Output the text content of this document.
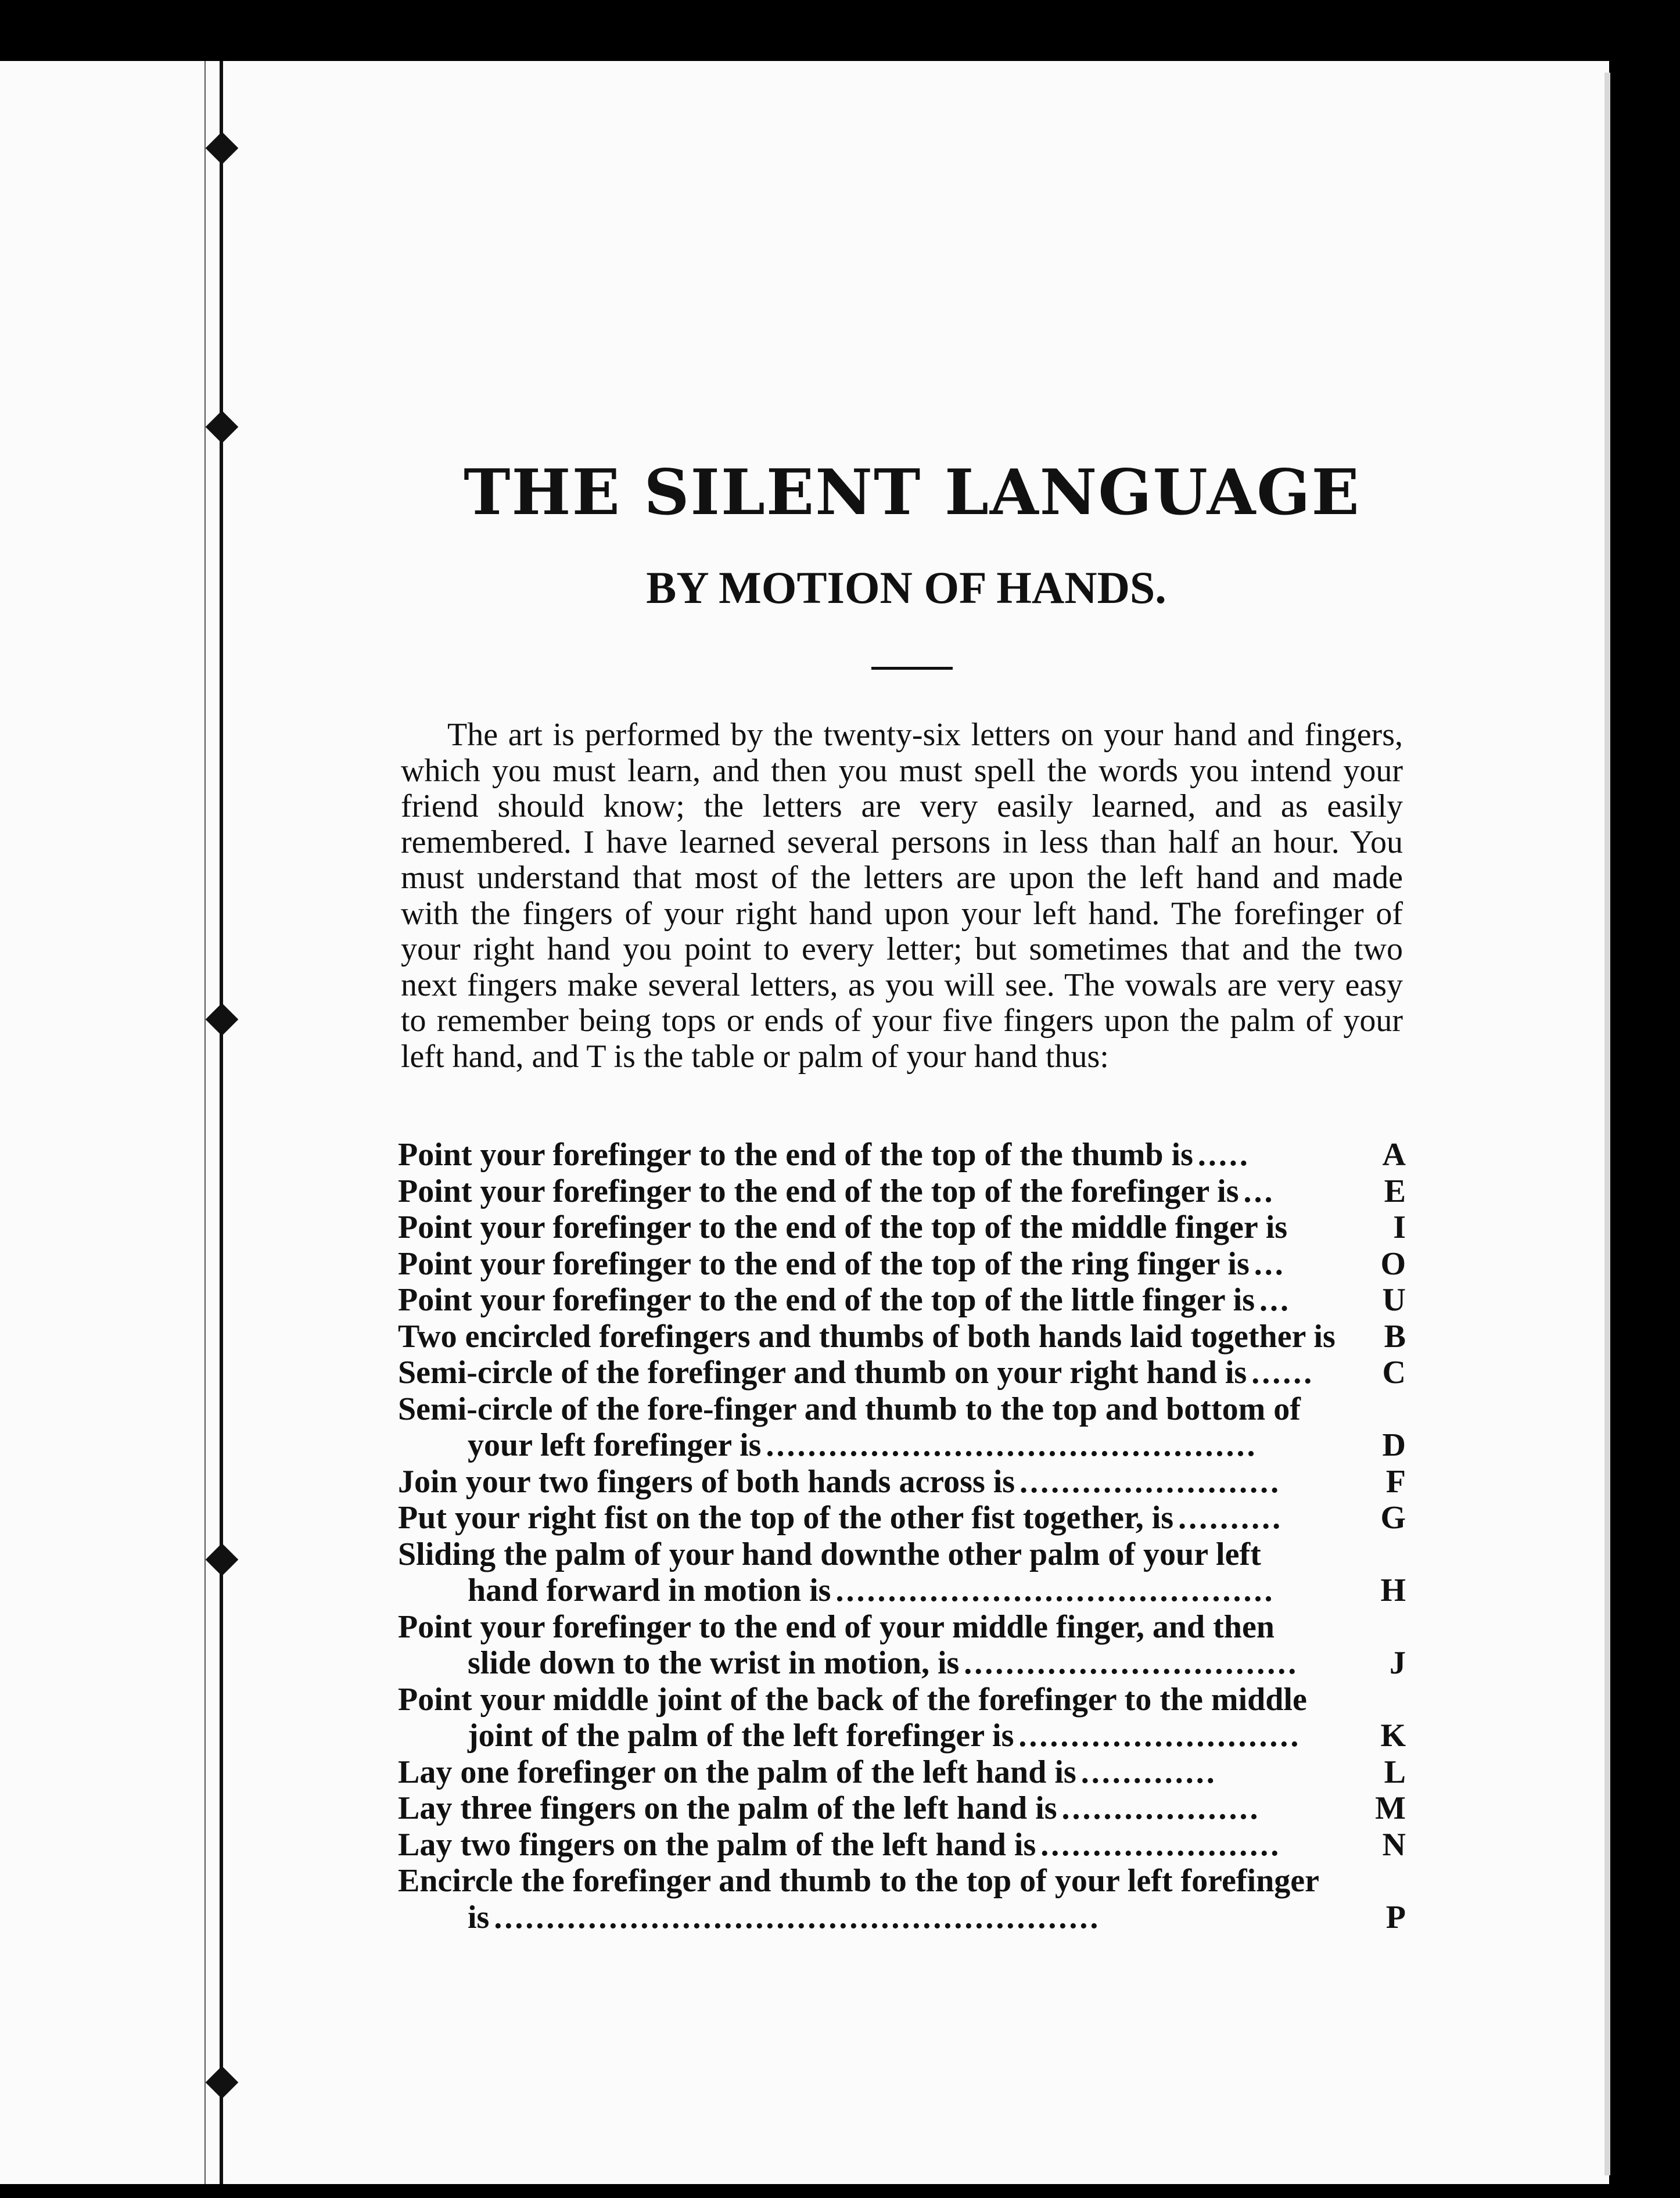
THE SILENT LANGUAGE
BY MOTION OF HANDS.

The art is performed by the twenty-six letters on your hand and fingers, which you must learn, and then you must spell the words you intend your friend should know; the letters are very easily learned, and as easily remembered. I have learned several persons in less than half an hour. You must understand that most of the letters are upon the left hand and made with the fingers of your right hand upon your left hand. The forefinger of your right hand you point to every letter; but sometimes that and the two next fingers make several letters, as you will see. The vowals are very easy to remember being tops or ends of your five fingers upon the palm of your left hand, and T is the table or palm of your hand thus:

Point your forefinger to the end of the top of the thumb is .....	A
Point your forefinger to the end of the top of the forefinger is ...	E
Point your forefinger to the end of the top of the middle finger is	I
Point your forefinger to the end of the top of the ring finger is ...	O
Point your forefinger to the end of the top of the little finger is ...	U
Two encircled forefingers and thumbs of both hands laid together is B
Semi-circle of the forefinger and thumb on your right hand is ......	C
Semi-circle of the fore-finger and thumb to the top and bottom of
your left forefinger is ...............................................	D
Join your two fingers of both hands across is .........................	F
Put your right fist on the top of the other fist together, is ..........	G
Sliding the palm of your hand downthe other palm of your left
hand forward in motion is ..........................................	H
Point your forefinger to the end of your middle finger, and then
slide down to the wrist in motion, is ................................	J
Point your middle joint of the back of the forefinger to the middle
joint of the palm of the left forefinger is ...........................	K
Lay one forefinger on the palm of the left hand is .............	L
Lay three fingers on the palm of the left hand is ...................	M
Lay two fingers on the palm of the left hand is .......................	N
Encircle the forefinger and thumb to the top of your left forefinger
is ..........................................................	P
